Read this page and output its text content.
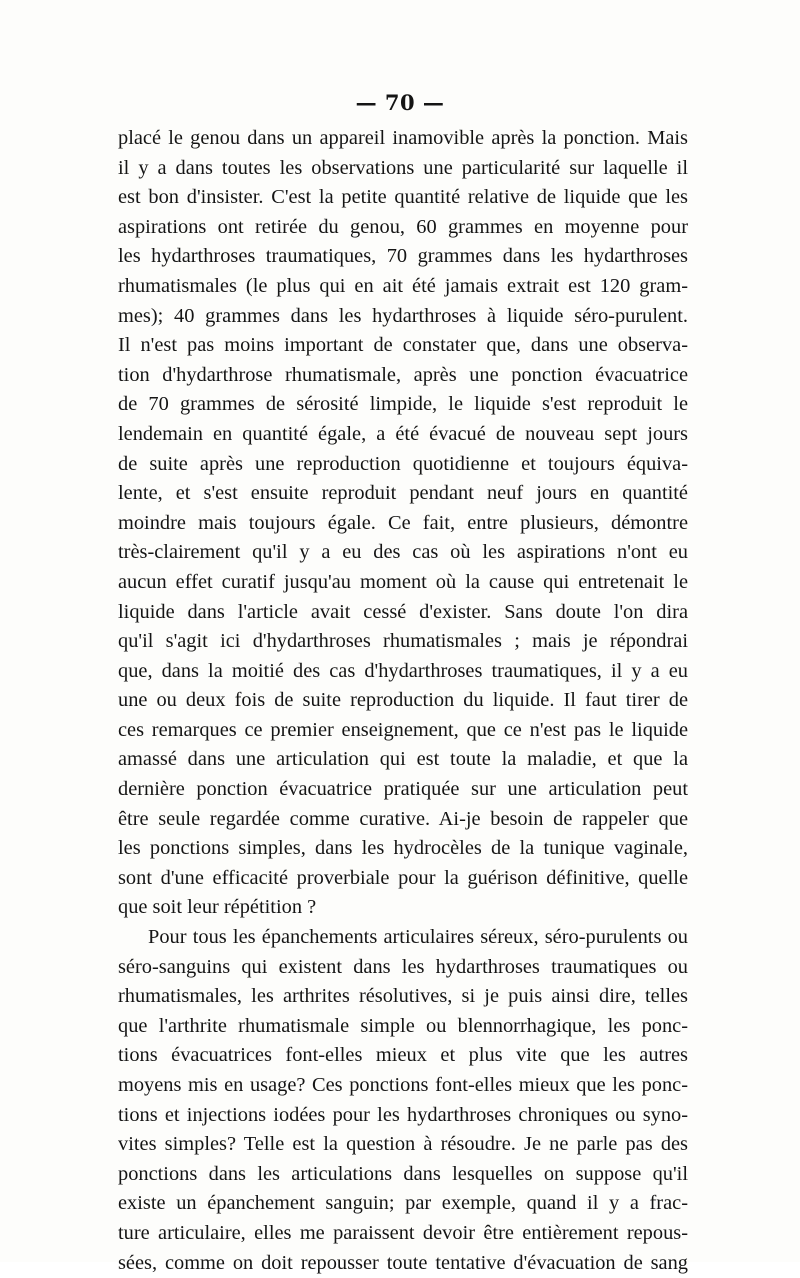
— 70 —
placé le genou dans un appareil inamovible après la ponction. Mais
il y a dans toutes les observations une particularité sur laquelle il
est bon d'insister. C'est la petite quantité relative de liquide que les
aspirations ont retirée du genou, 60 grammes en moyenne pour
les hydarthroses traumatiques, 70 grammes dans les hydarthroses
rhumatismales (le plus qui en ait été jamais extrait est 120 gram-
mes); 40 grammes dans les hydarthroses à liquide séro-purulent.
Il n'est pas moins important de constater que, dans une observa-
tion d'hydarthrose rhumatismale, après une ponction évacuatrice
de 70 grammes de sérosité limpide, le liquide s'est reproduit le
lendemain en quantité égale, a été évacué de nouveau sept jours
de suite après une reproduction quotidienne et toujours équiva-
lente, et s'est ensuite reproduit pendant neuf jours en quantité
moindre mais toujours égale. Ce fait, entre plusieurs, démontre
très-clairement qu'il y a eu des cas où les aspirations n'ont eu
aucun effet curatif jusqu'au moment où la cause qui entretenait le
liquide dans l'article avait cessé d'exister. Sans doute l'on dira
qu'il s'agit ici d'hydarthroses rhumatismales ; mais je répondrai
que, dans la moitié des cas d'hydarthroses traumatiques, il y a eu
une ou deux fois de suite reproduction du liquide. Il faut tirer de
ces remarques ce premier enseignement, que ce n'est pas le liquide
amassé dans une articulation qui est toute la maladie, et que la
dernière ponction évacuatrice pratiquée sur une articulation peut
être seule regardée comme curative. Ai-je besoin de rappeler que
les ponctions simples, dans les hydrocèles de la tunique vaginale,
sont d'une efficacité proverbiale pour la guérison définitive, quelle
que soit leur répétition ?
Pour tous les épanchements articulaires séreux, séro-purulents ou
séro-sanguins qui existent dans les hydarthroses traumatiques ou
rhumatismales, les arthrites résolutives, si je puis ainsi dire, telles
que l'arthrite rhumatismale simple ou blennorrhagique, les ponc-
tions évacuatrices font-elles mieux et plus vite que les autres
moyens mis en usage? Ces ponctions font-elles mieux que les ponc-
tions et injections iodées pour les hydarthroses chroniques ou syno-
vites simples? Telle est la question à résoudre. Je ne parle pas des
ponctions dans les articulations dans lesquelles on suppose qu'il
existe un épanchement sanguin; par exemple, quand il y a frac-
ture articulaire, elles me paraissent devoir être entièrement repous-
sées, comme on doit repousser toute tentative d'évacuation de sang
